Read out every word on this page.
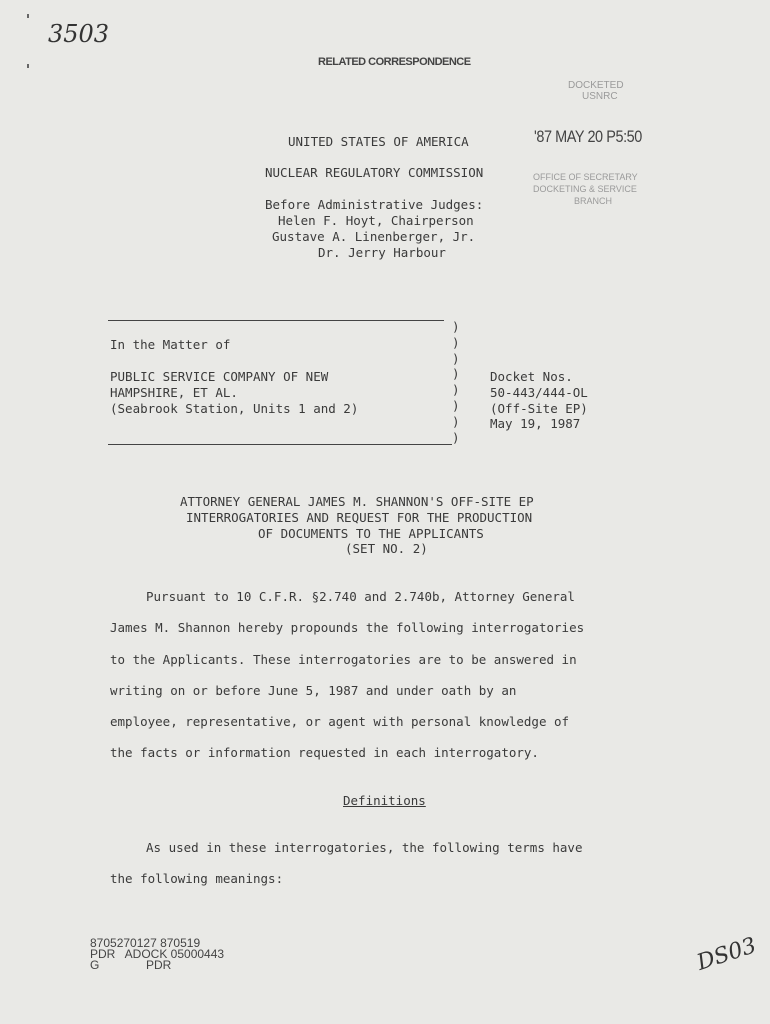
3503
RELATED CORRESPONDENCE
DOCKETED
USNRC
'87 MAY 20 P5:50
OFFICE OF SECRETARY
DOCKETING & SERVICE
BRANCH
UNITED STATES OF AMERICA
NUCLEAR REGULATORY COMMISSION
Before Administrative Judges:
Helen F. Hoyt, Chairperson
Gustave A. Linenberger, Jr.
Dr. Jerry Harbour
)
)
)
)
)
)
)
)
In the Matter of
PUBLIC SERVICE COMPANY OF NEW
HAMPSHIRE, ET AL.
(Seabrook Station, Units 1 and 2)
Docket Nos.
50-443/444-OL
(Off-Site EP)
May 19, 1987
ATTORNEY GENERAL JAMES M. SHANNON'S OFF-SITE EP
INTERROGATORIES AND REQUEST FOR THE PRODUCTION
OF DOCUMENTS TO THE APPLICANTS
(SET NO. 2)
Pursuant to 10 C.F.R. §2.740 and 2.740b, Attorney General
James M. Shannon hereby propounds the following interrogatories
to the Applicants. These interrogatories are to be answered in
writing on or before June 5, 1987 and under oath by an
employee, representative, or agent with personal knowledge of
the facts or information requested in each interrogatory.
Definitions
As used in these interrogatories, the following terms have
the following meanings:
8705270127 870519
PDR   ADOCK 05000443
G              PDR	DS03
